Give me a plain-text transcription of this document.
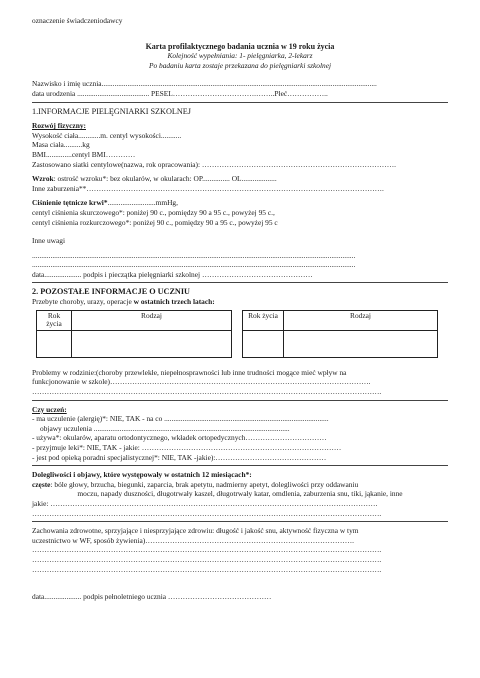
oznaczenie świadczeniodawcy

Karta profilaktycznego badania ucznia w 19 roku życia

Kolejność wypełniania: 1- pielęgniarka, 2-lekarz

Po badaniu karta zostaje przekazana do pielęgniarki szkolnej

Nazwisko i imię ucznia.....................................................................................................................................................

data urodzenia ....................................... PESEL…………………………….……..Płeć……………..

1.INFORMACJE PIELĘGNIARKI SZKOLNEJ

Rozwój fizyczny:

Wysokość ciała............m. centyl wysokości...........

Masa ciała..........kg

BMI..............centyl BMI…………

Zastosowano siatki centylowe(nazwa, rok opracowania): …………………………………………………………………….

Wzrok: ostrość wzroku*: bez okularów, w okularach: OP............... OL...................

Inne zaburzenia**………………………………………………………………………………………………………….

Ciśnienie tętnicze krwi*..........................mmHg,

centyl ciśnienia skurczowego*: poniżej 90 c., pomiędzy 90 a 95 c., powyżej 95 c.,

centyl ciśnienia rozkurczowego*: poniżej 90 c., pomiędzy 90 a 95 c., powyżej 95 c

Inne uwagi

...............................................................................................................................................................................

...............................................................................................................................................................................

data.................... podpis i pieczątka pielęgniarki szkolnej ………………………………………

2. POZOSTAŁE INFORMACJE O UCZNIU

Przebyte choroby, urazy, operacje w ostatnich trzech latach:

Rok
życia	Rodzaj
		Rok życia	Rodzaj

Problemy w rodzinie:(choroby przewlekłe, niepełnosprawności lub inne trudności mogące mieć wpływ na

funkcjonowanie w szkole)…………………………………………………………………………………………….

…………………………………………………………………………………………………………………………….

Czy uczeń:

- ma uczulenie (alergię)*: NIE, TAK - na co .........................................................................................

objawy uczulenia ..........................................................................................................

- używa*: okularów, aparatu ortodontycznego, wkładek ortopedycznych……………………………

- przyjmuje leki*: NIE, TAK - jakie: ………………………………………………………………………

- jest pod opieką poradni specjalistycznej*: NIE, TAK -jakie):………………………………………

Dolegliwości i objawy, które występowały w ostatnich 12 miesiącach*:

częste: bóle głowy, brzucha, biegunki, zaparcia, brak apetytu, nadmierny apetyt, dolegliwości przy oddawaniu

moczu, napady duszności, długotrwały kaszel, długotrwały katar, omdlenia, zaburzenia snu, tiki, jąkanie, inne

jakie: …………………………………………………………………………………………………………………….

…………………………………………………………………………………………………………………………….

Zachowania zdrowotne, sprzyjające i niesprzyjające zdrowiu: długość i jakość snu, aktywność fizyczna w tym

uczestnictwo w WF, sposób żywienia)………………………………………………………………………….

…………………………………………………………………………………………………………………………….

…………………………………………………………………………………………………………………………….

…………………………………………………………………………………………………………………………….

data.................... podpis pełnoletniego ucznia ……………………………………
